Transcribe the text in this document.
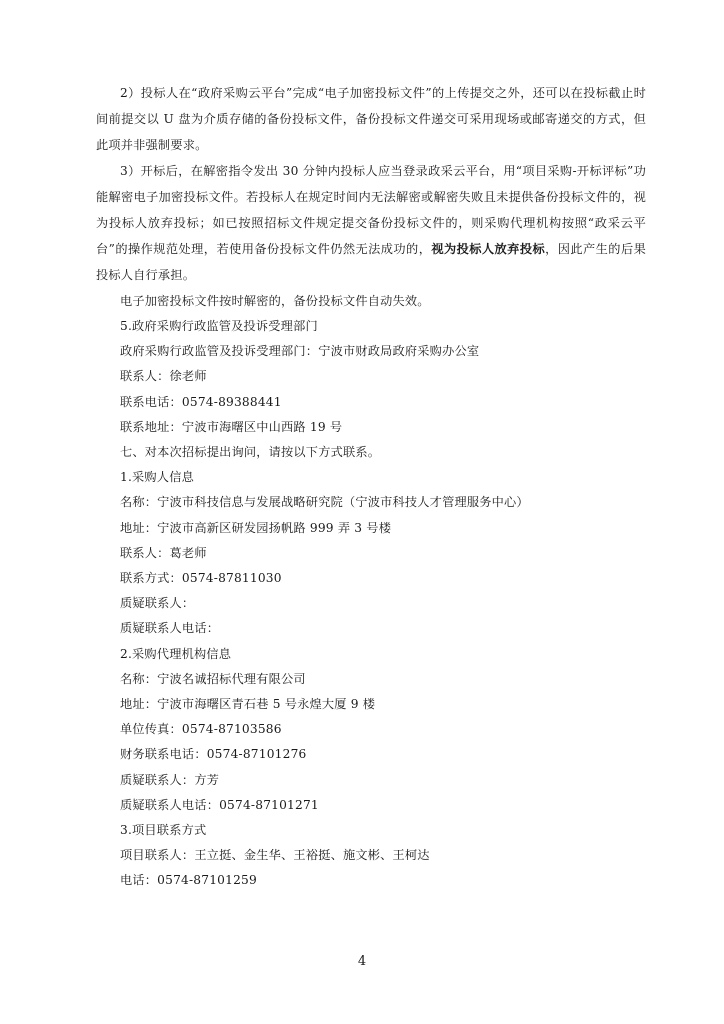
2）投标人在“政府采购云平台”完成“电子加密投标文件”的上传提交之外，还可以在投标截止时间前提交以 U 盘为介质存储的备份投标文件，备份投标文件递交可采用现场或邮寄递交的方式，但此项并非强制要求。

3）开标后，在解密指令发出 30 分钟内投标人应当登录政采云平台，用“项目采购-开标评标”功能解密电子加密投标文件。若投标人在规定时间内无法解密或解密失败且未提供备份投标文件的，视为投标人放弃投标；如已按照招标文件规定提交备份投标文件的，则采购代理机构按照“政采云平台”的操作规范处理，若使用备份投标文件仍然无法成功的，视为投标人放弃投标，因此产生的后果投标人自行承担。

电子加密投标文件按时解密的，备份投标文件自动失效。

5.政府采购行政监管及投诉受理部门

政府采购行政监管及投诉受理部门：宁波市财政局政府采购办公室

联系人：徐老师

联系电话：0574-89388441

联系地址：宁波市海曙区中山西路 19 号

七、对本次招标提出询问，请按以下方式联系。

1.采购人信息

名称：宁波市科技信息与发展战略研究院（宁波市科技人才管理服务中心）

地址：宁波市高新区研发园扬帆路 999 弄 3 号楼

联系人：葛老师

联系方式：0574-87811030

质疑联系人：

质疑联系人电话：

2.采购代理机构信息

名称：宁波名诚招标代理有限公司

地址：宁波市海曙区青石巷 5 号永煌大厦 9 楼

单位传真：0574-87103586

财务联系电话：0574-87101276

质疑联系人：方芳

质疑联系人电话：0574-87101271

3.项目联系方式

项目联系人：王立挺、金生华、王裕挺、施文彬、王柯达

电话：0574-87101259

4
